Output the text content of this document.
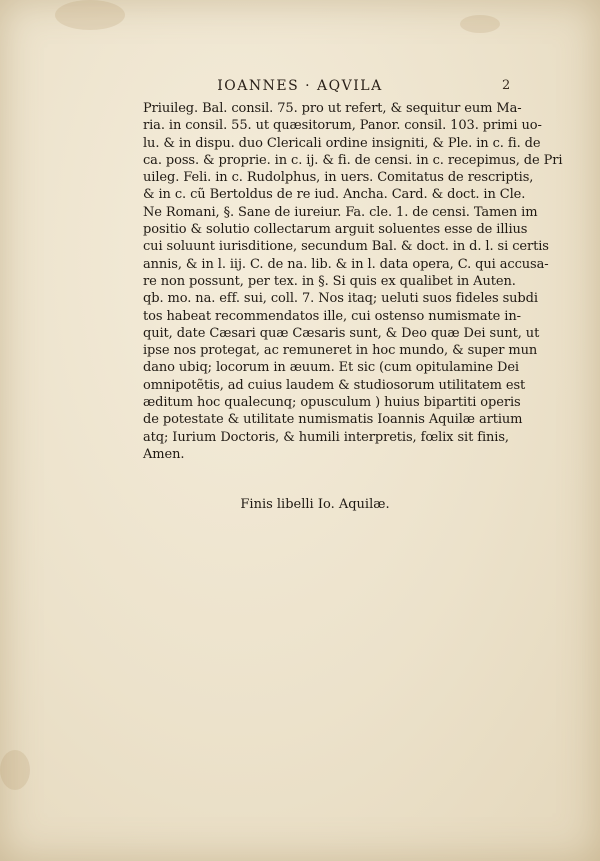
IOANNES · AQVILA	2
Priuileg. Bal. consil. 75. pro ut refert, & sequitur eum Ma-
ria. in consil. 55. ut quæsitorum, Panor. consil. 103. primi uo-
lu. & in dispu. duo Clericali ordine insigniti, & Ple. in c. fi. de
ca. poss. & proprie. in c. ij. & fi. de censi. in c. recepimus, de Pri
uileg. Feli. in c. Rudolphus, in uers. Comitatus de rescriptis,
& in c. cũ Bertoldus de re iud. Ancha. Card. & doct. in Cle.
Ne Romani, §. Sane de iureiur. Fa. cle. 1. de censi. Tamen im
positio & solutio collectarum arguit soluentes esse de illius
cui soluunt iurisditione, secundum Bal. & doct. in d. l. si certis
annis, & in l. iij. C. de na. lib. & in l. data opera, C. qui accusa-
re non possunt, per tex. in §. Si quis ex qualibet in Auten.
qb. mo. na. eff. sui, coll. 7. Nos itaq; ueluti suos fideles subdi
tos habeat recommendatos ille, cui ostenso numismate in-
quit, date Cæsari quæ Cæsaris sunt, & Deo quæ Dei sunt, ut
ipse nos protegat, ac remuneret in hoc mundo, & super mun
dano ubiq; locorum in æuum. Et sic (cum opitulamine Dei
omnipotẽtis, ad cuius laudem & studiosorum utilitatem est
æditum hoc qualecunq; opusculum ) huius bipartiti operis
de potestate & utilitate numismatis Ioannis Aquilæ artium
atq; Iurium Doctoris, & humili interpretis, fœlix sit finis,
Amen.
Finis libelli Io. Aquilæ.
